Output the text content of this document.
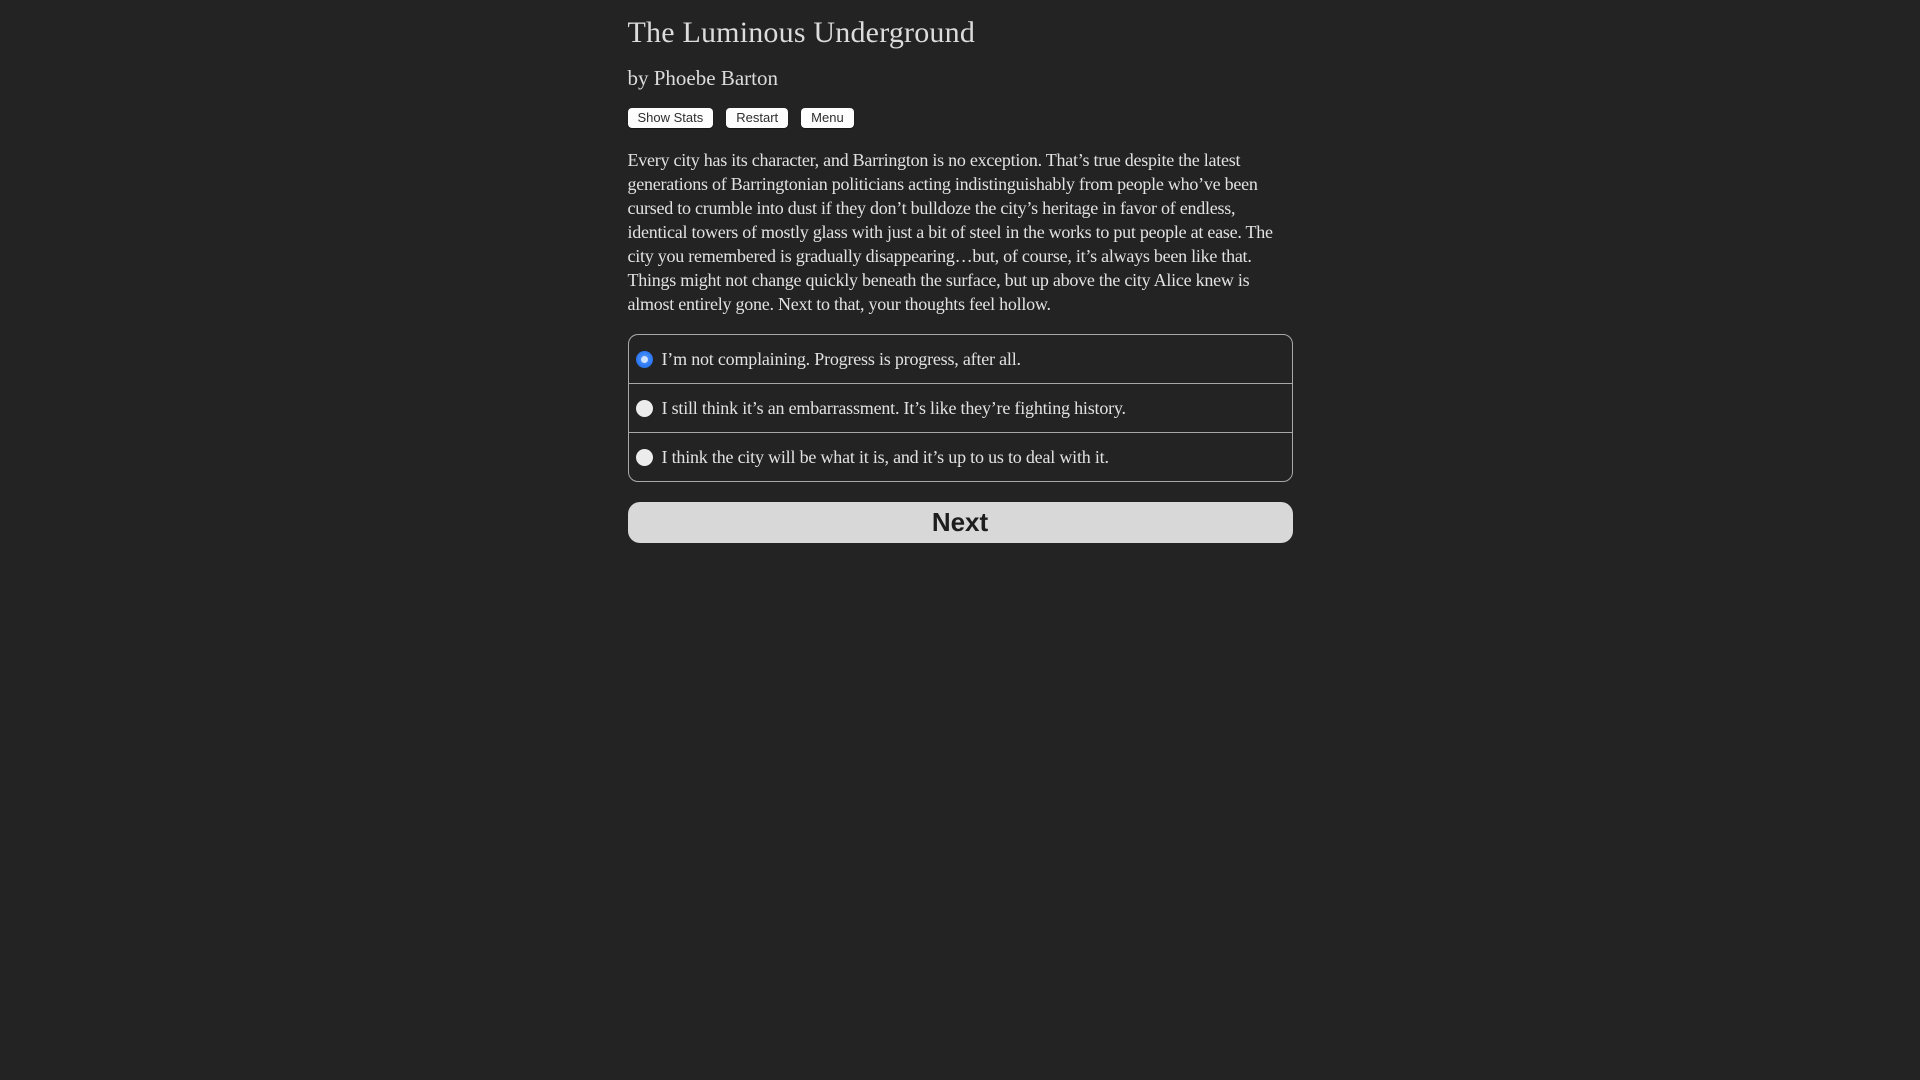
The Luminous Underground
by Phoebe Barton
Show Stats	Restart	Menu

Every city has its character, and Barrington is no exception. That’s true despite the latest generations of Barringtonian politicians acting indistinguishably from people who’ve been cursed to crumble into dust if they don’t bulldoze the city’s heritage in favor of endless, identical towers of mostly glass with just a bit of steel in the works to put people at ease. The city you remembered is gradually disappearing…but, of course, it’s always been like that. Things might not change quickly beneath the surface, but up above the city Alice knew is almost entirely gone. Next to that, your thoughts feel hollow.

I’m not complaining. Progress is progress, after all.
I still think it’s an embarrassment. It’s like they’re fighting history.
I think the city will be what it is, and it’s up to us to deal with it.
Next
